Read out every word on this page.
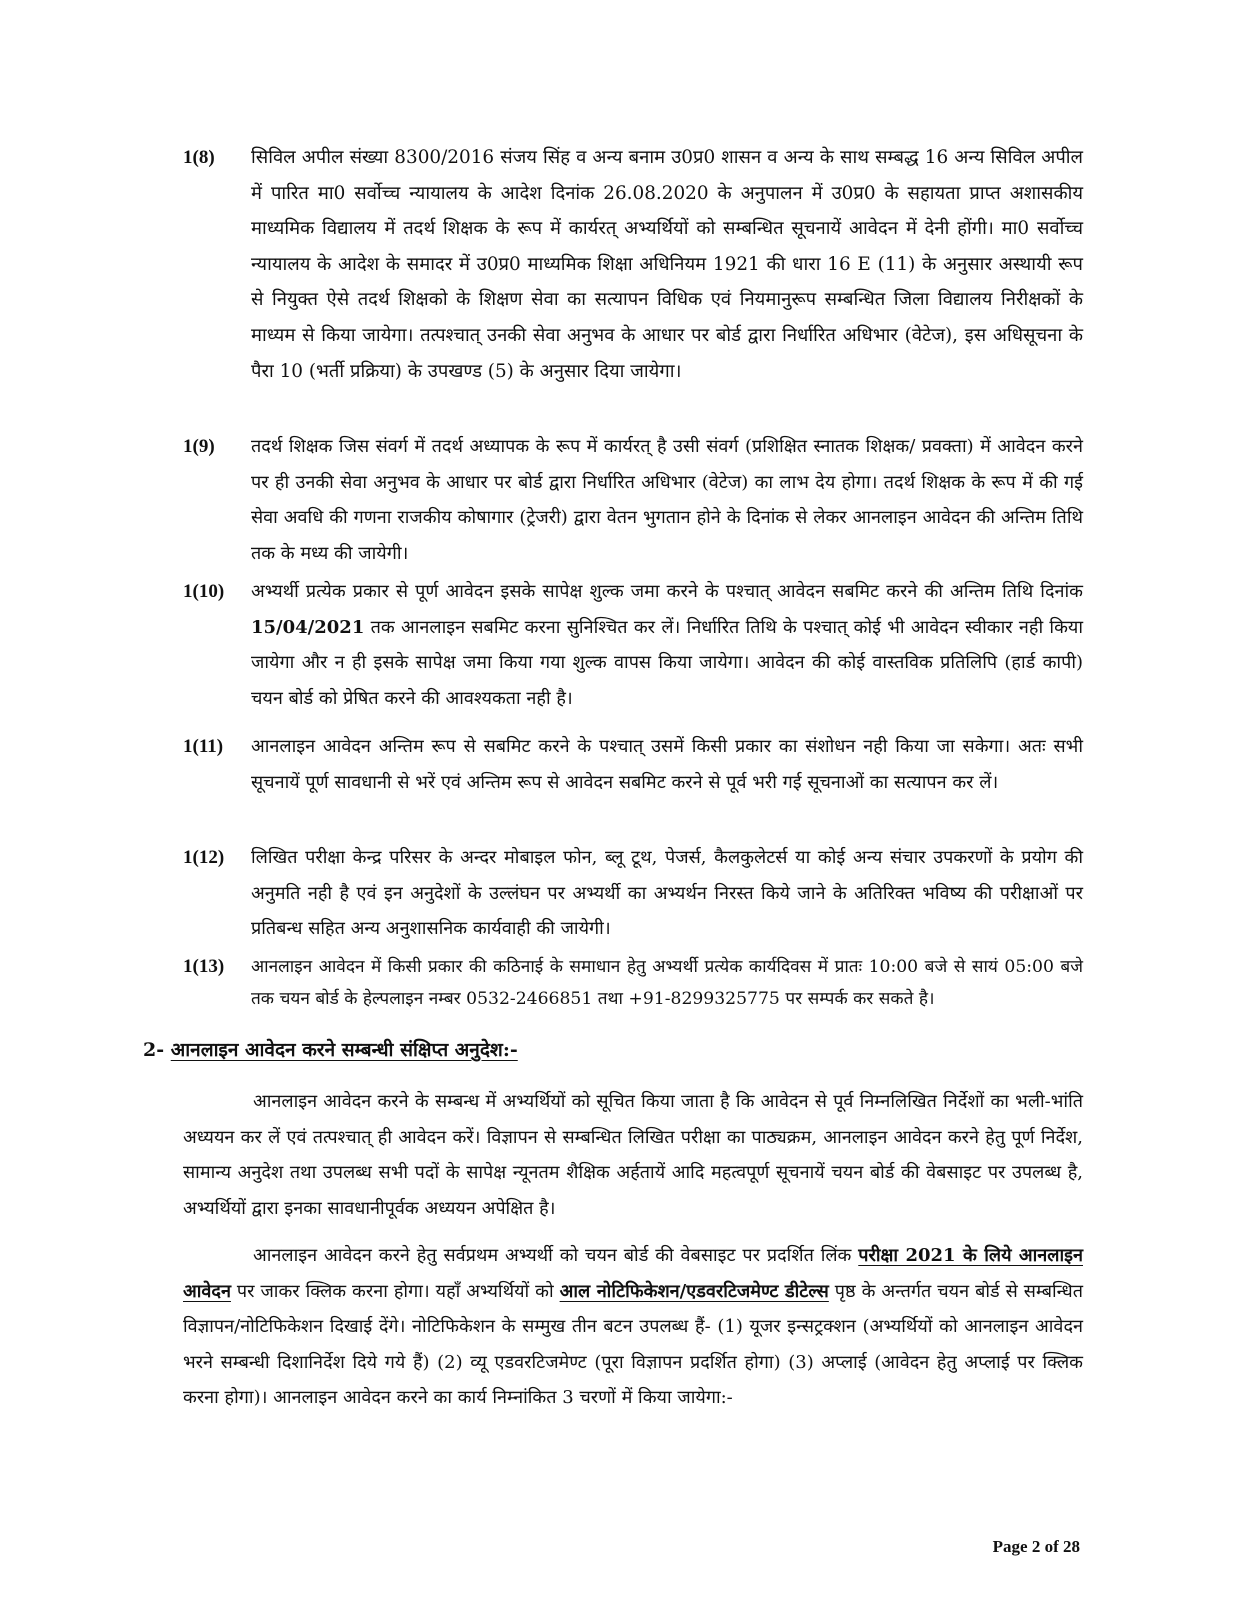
1(8) सिविल अपील संख्या 8300/2016 संजय सिंह व अन्य बनाम उ0प्र0 शासन व अन्य के साथ सम्बद्ध 16 अन्य सिविल अपील में पारित मा0 सर्वोच्च न्यायालय के आदेश दिनांक 26.08.2020 के अनुपालन में उ0प्र0 के सहायता प्राप्त अशासकीय माध्यमिक विद्यालय में तदर्थ शिक्षक के रूप में कार्यरत् अभ्यर्थियों को सम्बन्धित सूचनायें आवेदन में देनी होंगी। मा0 सर्वोच्च न्यायालय के आदेश के समादर में उ0प्र0 माध्यमिक शिक्षा अधिनियम 1921 की धारा 16 E (11) के अनुसार अस्थायी रूप से नियुक्त ऐसे तदर्थ शिक्षको के शिक्षण सेवा का सत्यापन विधिक एवं नियमानुरूप सम्बन्धित जिला विद्यालय निरीक्षकों के माध्यम से किया जायेगा। तत्पश्चात् उनकी सेवा अनुभव के आधार पर बोर्ड द्वारा निर्धारित अधिभार (वेटेज), इस अधिसूचना के पैरा 10 (भर्ती प्रक्रिया) के उपखण्ड (5) के अनुसार दिया जायेगा।
1(9) तदर्थ शिक्षक जिस संवर्ग में तदर्थ अध्यापक के रूप में कार्यरत् है उसी संवर्ग (प्रशिक्षित स्नातक शिक्षक/ प्रवक्ता) में आवेदन करने पर ही उनकी सेवा अनुभव के आधार पर बोर्ड द्वारा निर्धारित अधिभार (वेटेज) का लाभ देय होगा। तदर्थ शिक्षक के रूप में की गई सेवा अवधि की गणना राजकीय कोषागार (ट्रेजरी) द्वारा वेतन भुगतान होने के दिनांक से लेकर आनलाइन आवेदन की अन्तिम तिथि तक के मध्य की जायेगी।
1(10) अभ्यर्थी प्रत्येक प्रकार से पूर्ण आवेदन इसके सापेक्ष शुल्क जमा करने के पश्चात् आवेदन सबमिट करने की अन्तिम तिथि दिनांक 15/04/2021 तक आनलाइन सबमिट करना सुनिश्चित कर लें। निर्धारित तिथि के पश्चात् कोई भी आवेदन स्वीकार नही किया जायेगा और न ही इसके सापेक्ष जमा किया गया शुल्क वापस किया जायेगा। आवेदन की कोई वास्तविक प्रतिलिपि (हार्ड कापी) चयन बोर्ड को प्रेषित करने की आवश्यकता नही है।
1(11) आनलाइन आवेदन अन्तिम रूप से सबमिट करने के पश्चात् उसमें किसी प्रकार का संशोधन नही किया जा सकेगा। अतः सभी सूचनायें पूर्ण सावधानी से भरें एवं अन्तिम रूप से आवेदन सबमिट करने से पूर्व भरी गई सूचनाओं का सत्यापन कर लें।
1(12) लिखित परीक्षा केन्द्र परिसर के अन्दर मोबाइल फोन, ब्लू टूथ, पेजर्स, कैलकुलेटर्स या कोई अन्य संचार उपकरणों के प्रयोग की अनुमति नही है एवं इन अनुदेशों के उल्लंघन पर अभ्यर्थी का अभ्यर्थन निरस्त किये जाने के अतिरिक्त भविष्य की परीक्षाओं पर प्रतिबन्ध सहित अन्य अनुशासनिक कार्यवाही की जायेगी।
1(13) आनलाइन आवेदन में किसी प्रकार की कठिनाई के समाधान हेतु अभ्यर्थी प्रत्येक कार्यदिवस में प्रातः 10:00 बजे से सायं 05:00 बजे तक चयन बोर्ड के हेल्पलाइन नम्बर 0532-2466851 तथा +91-8299325775 पर सम्पर्क कर सकते है।
2- आनलाइन आवेदन करने सम्बन्धी संक्षिप्त अनुदेश:-
आनलाइन आवेदन करने के सम्बन्ध में अभ्यर्थियों को सूचित किया जाता है कि आवेदन से पूर्व निम्नलिखित निर्देशों का भली-भांति अध्ययन कर लें एवं तत्पश्चात् ही आवेदन करें। विज्ञापन से सम्बन्धित लिखित परीक्षा का पाठ्यक्रम, आनलाइन आवेदन करने हेतु पूर्ण निर्देश, सामान्य अनुदेश तथा उपलब्ध सभी पदों के सापेक्ष न्यूनतम शैक्षिक अर्हतायें आदि महत्वपूर्ण सूचनायें चयन बोर्ड की वेबसाइट पर उपलब्ध है, अभ्यर्थियों द्वारा इनका सावधानीपूर्वक अध्ययन अपेक्षित है।
आनलाइन आवेदन करने हेतु सर्वप्रथम अभ्यर्थी को चयन बोर्ड की वेबसाइट पर प्रदर्शित लिंक परीक्षा 2021 के लिये आनलाइन आवेदन पर जाकर क्लिक करना होगा। यहाँ अभ्यर्थियों को आल नोटिफिकेशन/एडवरटिजमेण्ट डीटेल्स पृष्ठ के अन्तर्गत चयन बोर्ड से सम्बन्धित विज्ञापन/नोटिफिकेशन दिखाई देंगे। नोटिफिकेशन के सम्मुख तीन बटन उपलब्ध हैं- (1) यूजर इन्सट्रक्शन (अभ्यर्थियों को आनलाइन आवेदन भरने सम्बन्धी दिशानिर्देश दिये गये हैं) (2) व्यू एडवरटिजमेण्ट (पूरा विज्ञापन प्रदर्शित होगा) (3) अप्लाई (आवेदन हेतु अप्लाई पर क्लिक करना होगा)। आनलाइन आवेदन करने का कार्य निम्नांकित 3 चरणों में किया जायेगा:-
Page 2 of 28
